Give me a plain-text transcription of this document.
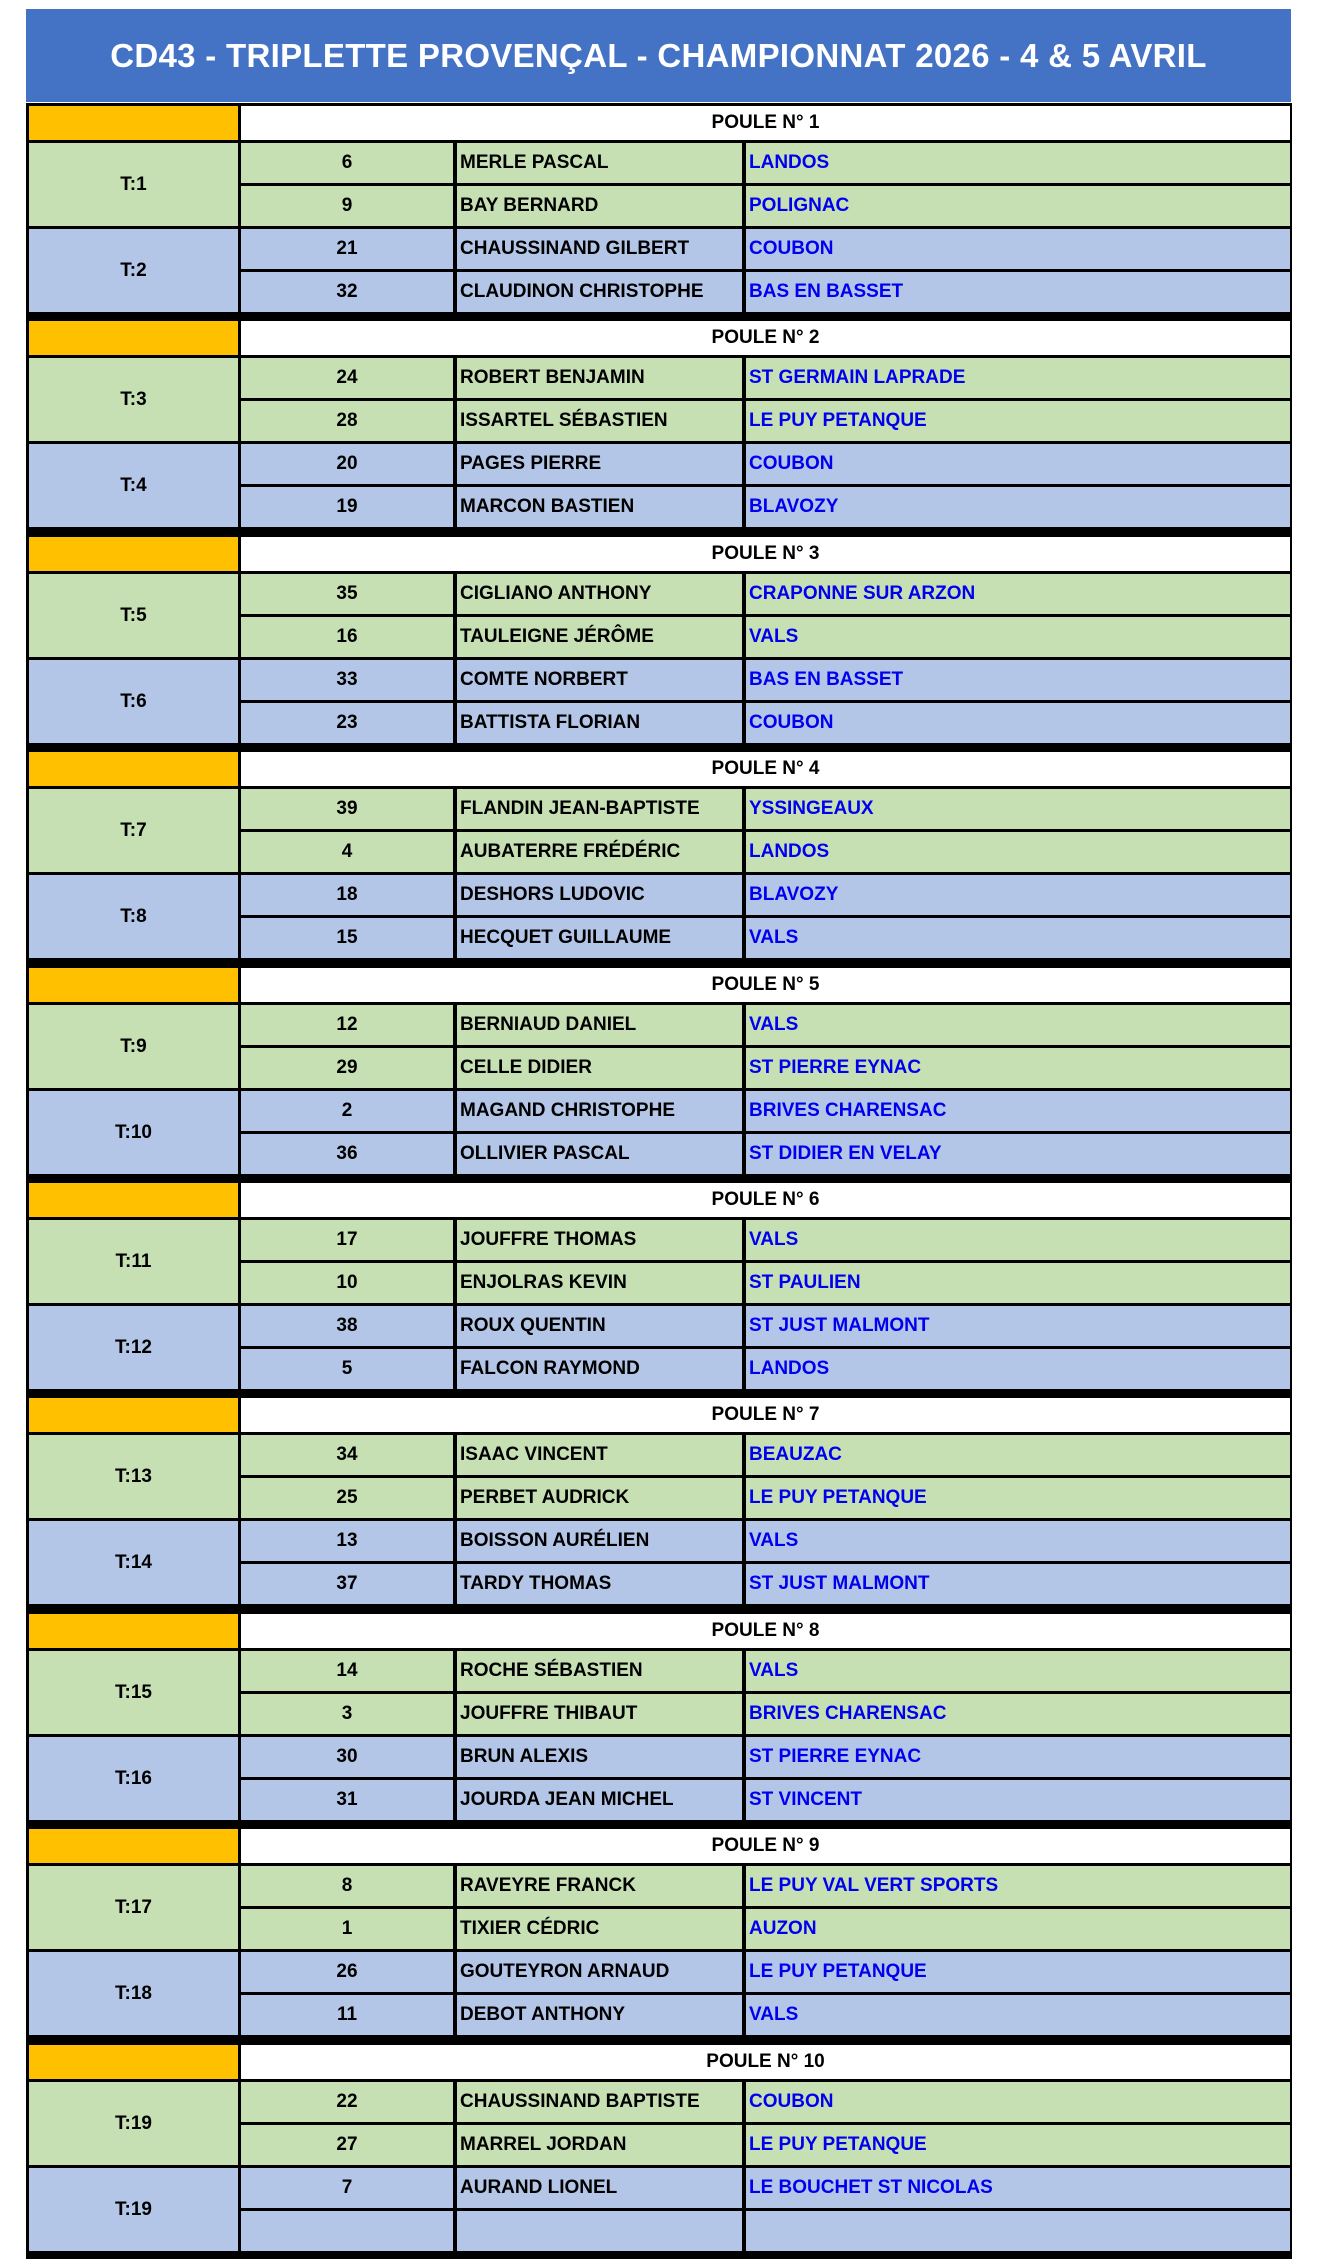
CD43 - TRIPLETTE PROVENÇAL - CHAMPIONNAT 2026 - 4 & 5 AVRIL
POULE N° 1
T:1
6	MERLE PASCAL	LANDOS
9	BAY BERNARD	POLIGNAC
T:2
21	CHAUSSINAND GILBERT	COUBON
32	CLAUDINON CHRISTOPHE	BAS EN BASSET
POULE N° 2
T:3
24	ROBERT BENJAMIN	ST GERMAIN LAPRADE
28	ISSARTEL SÉBASTIEN	LE PUY PETANQUE
T:4
20	PAGES PIERRE	COUBON
19	MARCON BASTIEN	BLAVOZY
POULE N° 3
T:5
35	CIGLIANO ANTHONY	CRAPONNE SUR ARZON
16	TAULEIGNE JÉRÔME	VALS
T:6
33	COMTE NORBERT	BAS EN BASSET
23	BATTISTA FLORIAN	COUBON
POULE N° 4
T:7
39	FLANDIN JEAN-BAPTISTE	YSSINGEAUX
4	AUBATERRE FRÉDÉRIC	LANDOS
T:8
18	DESHORS LUDOVIC	BLAVOZY
15	HECQUET GUILLAUME	VALS
POULE N° 5
T:9
12	BERNIAUD DANIEL	VALS
29	CELLE DIDIER	ST PIERRE EYNAC
T:10
2	MAGAND CHRISTOPHE	BRIVES CHARENSAC
36	OLLIVIER PASCAL	ST DIDIER EN VELAY
POULE N° 6
T:11
17	JOUFFRE THOMAS	VALS
10	ENJOLRAS KEVIN	ST PAULIEN
T:12
38	ROUX QUENTIN	ST JUST MALMONT
5	FALCON RAYMOND	LANDOS
POULE N° 7
T:13
34	ISAAC VINCENT	BEAUZAC
25	PERBET AUDRICK	LE PUY PETANQUE
T:14
13	BOISSON AURÉLIEN	VALS
37	TARDY THOMAS	ST JUST MALMONT
POULE N° 8
T:15
14	ROCHE SÉBASTIEN	VALS
3	JOUFFRE THIBAUT	BRIVES CHARENSAC
T:16
30	BRUN ALEXIS	ST PIERRE EYNAC
31	JOURDA JEAN MICHEL	ST VINCENT
POULE N° 9
T:17
8	RAVEYRE FRANCK	LE PUY VAL VERT SPORTS
1	TIXIER CÉDRIC	AUZON
T:18
26	GOUTEYRON ARNAUD	LE PUY PETANQUE
11	DEBOT ANTHONY	VALS
POULE N° 10
T:19
22	CHAUSSINAND BAPTISTE	COUBON
27	MARREL JORDAN	LE PUY PETANQUE
T:19
7	AURAND LIONEL	LE BOUCHET ST NICOLAS
